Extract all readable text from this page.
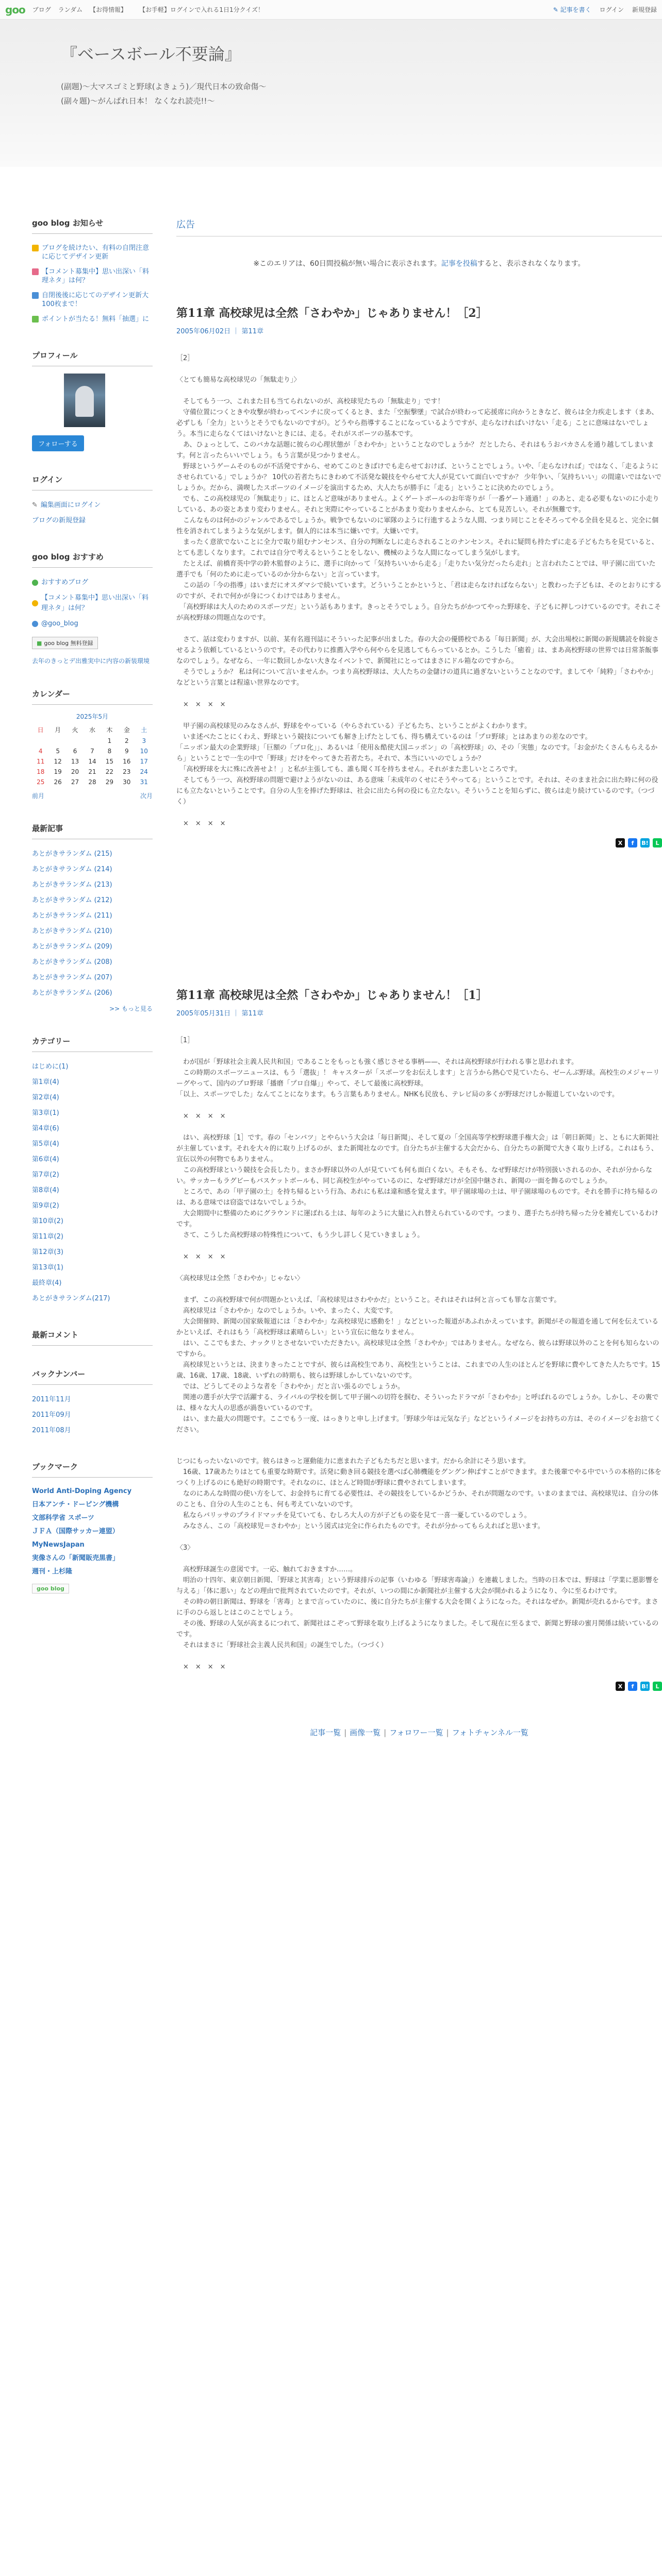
goo ブログ ランダム 【お得情報】	【お手軽】ログインで入れる1日1分クイズ！	✎ 記事を書く ログイン 新規登録
『ベースボール不要論』
(副題)～大マスゴミと野球(よきょう)／現代日本の致命傷～
(副々題)～がんばれ日本！ なくなれ読売!!～
goo blog お知らせ
ブログを続けたい、有料の自閉注意に応じてデザイン更新
【コメント募集中】思い出深い「料理ネタ」は何？
自閉後後に応じてのデザイン更新大100枚まで！
ポイントが当たる！無料「抽選」に
プロフィール
フォローする
ログイン
✎ 編集画面にログイン
ブログの新規登録
goo blog おすすめ
おすすめブログ
【コメント募集中】思い出深い「料理ネタ」は何？
@goo_blog
■ goo blog 無料登録
去年のきっとデ出雅実中に内容の新装環境
カレンダー
2025年5月
日	月	火	水	木	金	土
				1	2	3
4	5	6	7	8	9	10
11	12	13	14	15	16	17
18	19	20	21	22	23	24
25	26	27	28	29	30	31
前月	次月
最新記事
あとがきサランダム (215)
あとがきサランダム (214)
あとがきサランダム (213)
あとがきサランダム (212)
あとがきサランダム (211)
あとがきサランダム (210)
あとがきサランダム (209)
あとがきサランダム (208)
あとがきサランダム (207)
あとがきサランダム (206)
>> もっと見る
カテゴリー
はじめに(1)
第1章(4)
第2章(4)
第3章(1)
第4章(6)
第5章(4)
第6章(4)
第7章(2)
第8章(4)
第9章(2)
第10章(2)
第11章(2)
第12章(3)
第13章(1)
最終章(4)
あとがきサランダム(217)
最新コメント
バックナンバー
2011年11月
2011年09月
2011年08月
ブックマーク
World Anti-Doping Agency
日本アンチ・ドーピング機構
文部科学省 スポーツ
ＪＦＡ（国際サッカー連盟）
MyNewsJapan
実像さんの「新聞販売黒書」
週刊・上杉隆
goo blog
広告
※このエリアは、60日間投稿が無い場合に表示されます。記事を投稿すると、表示されなくなります。
第11章 高校球児は全然「さわやか」じゃありません！［2］
2005年06月02日 ｜ 第11章
［2］

〈とても簡易な高校球児の「無駄走り」〉

　そしてもう一つ、これまた目も当てられないのが、高校球児たちの「無駄走り」です！
　守備位置につくときや攻撃が終わってベンチに戻ってくるとき、また「空振撃墜」で試合が終わって応援席に向かうときなど、彼らは全力疾走します（まあ、必ずしも「全力」というとそうでもないのですが）。どうやら指導することになっているようですが、走らなければいけない「走る」ことに意味はないでしょう。本当に走らなくてはいけないときには、走る。それがスポーツの基本です。
　あ、ひょっとして、このバカな話題に彼らの心理状態が「さわやか」ということなのでしょうか？ だとしたら、それはもうおバカさんを通り越してしまいます。何と言ったらいいでしょう。もう言葉が見つかりません。
　野球というゲームそのものが不活発ですから、せめてこのときばけでも走らせておけば、ということでしょう。いや、「走らなければ」ではなく、「走るようにさせられている」でしょうか？ 10代の若者たちにきわめて不活発な競技をやらせて大人が見ていて面白いですか？ 少年争い、「気持ちいい」の間違いではないでしょうか。だから、満喫したスポーツのイメージを演出するため、大人たちが勝手に「走る」ということに決めたのでしょう。
　でも、この高校球児の「無駄走り」に、ほとんど意味がありません。よくゲートボールのお年寄りが「一番ゲート通過！」のあと、走る必要もないのに小走りしている、あの姿とあまり変わりません。それと実際にやっていることがあまり変わりませんから、とても見苦しい。それが無難です。
　こんなものは何かのジャンルであるでしょうか。戦争でもないのに軍隊のように行進するような人間、つまり同じことをそろってやる全員を見ると、完全に個性を消されてしまうような気がします。個人的には本当に嫌いです。大嫌いです。
　まったく意欲でないことに全力で取り組むナンセンス、自分の判断なしに走らされることのナンセンス。それに疑問も持たずに走る子どもたちを見ていると、とても悲しくなります。これでは自分で考えるということをしない、機械のような人間になってしまう気がします。
　たとえば、前橋育英中学の鈴木監督のように、選手に向かって「気持ちいいから走る」「走りたい気分だったら走れ」と言われたことでは、甲子園に出ていた選手でも「何のために走っているのか分からない」と言っています。
　この話の「今の指導」はいまだにオスダマシで続いています。どういうことかというと、「君は走らなければならない」と教わった子どもは、そのとおりにするのですが、それで何かが身につくわけではありません。
　「高校野球は大人のためのスポーツだ」という話もあります。きっとそうでしょう。自分たちがかつてやった野球を、子どもに押しつけているのです。それこそが高校野球の問題点なのです。

　さて、話は変わりますが、以前、某有名週刊誌にそういった記事が出ました。春の大会の優勝校である「毎日新聞」が、大会出場校に新聞の新規購読を斡旋させるよう依頼しているというのです。その代わりに推薦入学やら何やらを見逃してもらっているとか。こうした「癒着」は、まあ高校野球の世界では日常茶飯事なのでしょう。なぜなら、一年に数回しかない大きなイベントで、新聞社にとってはまさにドル箱なのですから。
　そうでしょうか？ 私は何について言いませんか。つまり高校野球は、大人たちの金儲けの道具に過ぎないということなのです。ましてや「純粋」「さわやか」などという言葉とは程遠い世界なのです。

　×　×　×　×

　甲子園の高校球児のみなさんが、野球をやっている（やらされている）子どもたち、ということがよくわかります。
　いま述べたことにくわえ、野球という競技についても解き上げたとしても、得ち構えているのは「プロ野球」とはあまりの差なのです。
「ニッポン最大の企業野球」「巨額の「プロ化」」、あるいは「使用＆酷使大国ニッポン」の「高校野球」の、その「実態」なのです。「お金がたくさんもらえるから」ということで一生の中で「野球」だけをやってきた若者たち。それで、本当にいいのでしょうか？
　「高校野球を大に殊に改善せよ！」と私が主張しても、誰も聞く耳を持ちません。それがまた悲しいところです。
　そしてもう一つ、高校野球の問題で避けようがないのは、ある意味「未成年のくせにそうやってる」ということです。それは、そのまま社会に出た時に何の役にも立たないということです。自分の人生を捧げた野球は、社会に出たら何の役にも立たない。そういうことを知らずに、彼らは走り続けているのです。（つづく）

　×　×　×　×
X	f	B!	L
第11章 高校球児は全然「さわやか」じゃありません！［1］
2005年05月31日 ｜ 第11章
［1］

　わが国が「野球社会主義人民共和国」であることをもっとも強く感じさせる事柄——、それは高校野球が行われる事と思われます。
　この時期のスポーツニュースは、もう「選抜」！ キャスターが「スポーツをお伝えします」と言うから熱心で見ていたら、ゼーんぶ野球。高校生のメジャーリーグやって、国内のプロ野球「播磨「プロ自爆」」やって、そして最後に高校野球。
「以上、スポーツでした」なんてことになります。もう言葉もありません。NHKも民放も、テレビ局の多くが野球だけしか報道していないのです。

　×　×　×　×

　はい、高校野球［1］です。春の「センバツ」とやらいう大会は「毎日新聞」、そして夏の「全国高等学校野球選手権大会」は「朝日新聞」と、ともに大新聞社が主催しています。それを大々的に取り上げるのが、また新聞社なのです。自分たちが主催する大会だから、自分たちの新聞で大きく取り上げる。これはもう、宣伝以外の何物でもありません。
　この高校野球という競技を会長したり。まさか野球以外の人が見ていても何も面白くない。そもそも、なぜ野球だけが特別扱いされるのか、それが分からない。サッカーもラグビーもバスケットボールも、同じ高校生がやっているのに、なぜ野球だけが全国中継され、新聞の一面を飾るのでしょうか。
　ところで、あの「甲子園の土」を持ち帰るという行為、あれにも私は違和感を覚えます。甲子園球場の土は、甲子園球場のものです。それを勝手に持ち帰るのは、ある意味では窃盗ではないでしょうか。
　大会期間中に整備のためにグラウンドに運ばれる土は、毎年のように大量に入れ替えられているのです。つまり、選手たちが持ち帰った分を補充しているわけです。
　さて、こうした高校野球の特殊性について、もう少し詳しく見ていきましょう。

　×　×　×　×

〈高校球児は全然「さわやか」じゃない〉

　まず、この高校野球で何が問題かといえば、「高校球児はさわやかだ」ということ。それはそれは何と言っても罪な言葉です。
　高校球児は「さわやか」なのでしょうか。いや、まったく、大変です。
　大会開催時、新聞の国家級報道には「さわやか」な高校球児に感動を！」などといった報道があふれかえっています。新聞がその報道を通して何を伝えているかといえば、それはもう「高校野球は素晴らしい」という宣伝に他なりません。
　はい、ここでもまた、ナックリとさせないでいただきたい。高校球児は全然「さわやか」ではありません。なぜなら、彼らは野球以外のことを何も知らないのですから。
　高校球児というとは、決まりきったことですが、彼らは高校生であり、高校生ということは、これまでの人生のほとんどを野球に費やしてきた人たちです。15歳、16歳、17歳、18歳、いずれの時期も、彼らは野球しかしていないのです。
　では、どうしてそのような者を「さわやか」だと言い張るのでしょうか。
　関連の選手が大学で活躍する、ライバルの学校を倒して甲子園への切符を掴む、そういったドラマが「さわやか」と呼ばれるのでしょうか。しかし、その裏では、様々な大人の思惑が渦巻いているのです。
　はい、また最大の問題です。ここでもう一度、はっきりと申し上げます。「野球少年は元気な子」などというイメージをお持ちの方は、そのイメージをお捨てください。
じつにもったいないのです。彼らはきっと運動能力に恵まれた子どもたちだと思います。だから余計にそう思います。
　16歳、17歳あたりはとても重要な時期です。活発に動き回る競技を選べば心肺機能をグングン伸ばすことができます。また後輩でやる中でいうの本格的に体をつくり上げるのにも絶好の時期です。それなのに、ほとんど時間が野球に費やされてしまいます。
　なのにあんな時間の使い方をして、お金持ちに育てる必要性は、その競技をしているかどうか、それが問題なのです。いまのままでは、高校球児は、自分の体のことも、自分の人生のことも、何も考えていないのです。
　私ならバリッサのプライドマッチを見ていても、むしろ大人の方が子どもの姿を見て一喜一憂しているのでしょう。
　みなさん、この「高校球児＝さわやか」という図式は完全に作られたものです。それが分かってもらえればと思います。

〈3〉

　高校野球誕生の意図です。一応、触れておきますか……。
　明治の十四年、東京朝日新聞、「野球と其害毒」という野球排斥の記事（いわゆる「野球害毒論」）を連載しました。当時の日本では、野球は「学業に悪影響を与える」「体に悪い」などの理由で批判されていたのです。それが、いつの間にか新聞社が主催する大会が開かれるようになり、今に至るわけです。
　その時の朝日新聞は、野球を「害毒」とまで言っていたのに、後に自分たちが主催する大会を開くようになった。それはなぜか。新聞が売れるからです。まさに手のひら返しとはこのことでしょう。
　その後、野球の人気が高まるにつれて、新聞社はこぞって野球を取り上げるようになりました。そして現在に至るまで、新聞と野球の蜜月関係は続いているのです。
　それはまさに「野球社会主義人民共和国」の誕生でした。（つづく）

　×　×　×　×
X	f	B!	L
記事一覧 | 画像一覧 | フォロワー一覧 | フォトチャンネル一覧
